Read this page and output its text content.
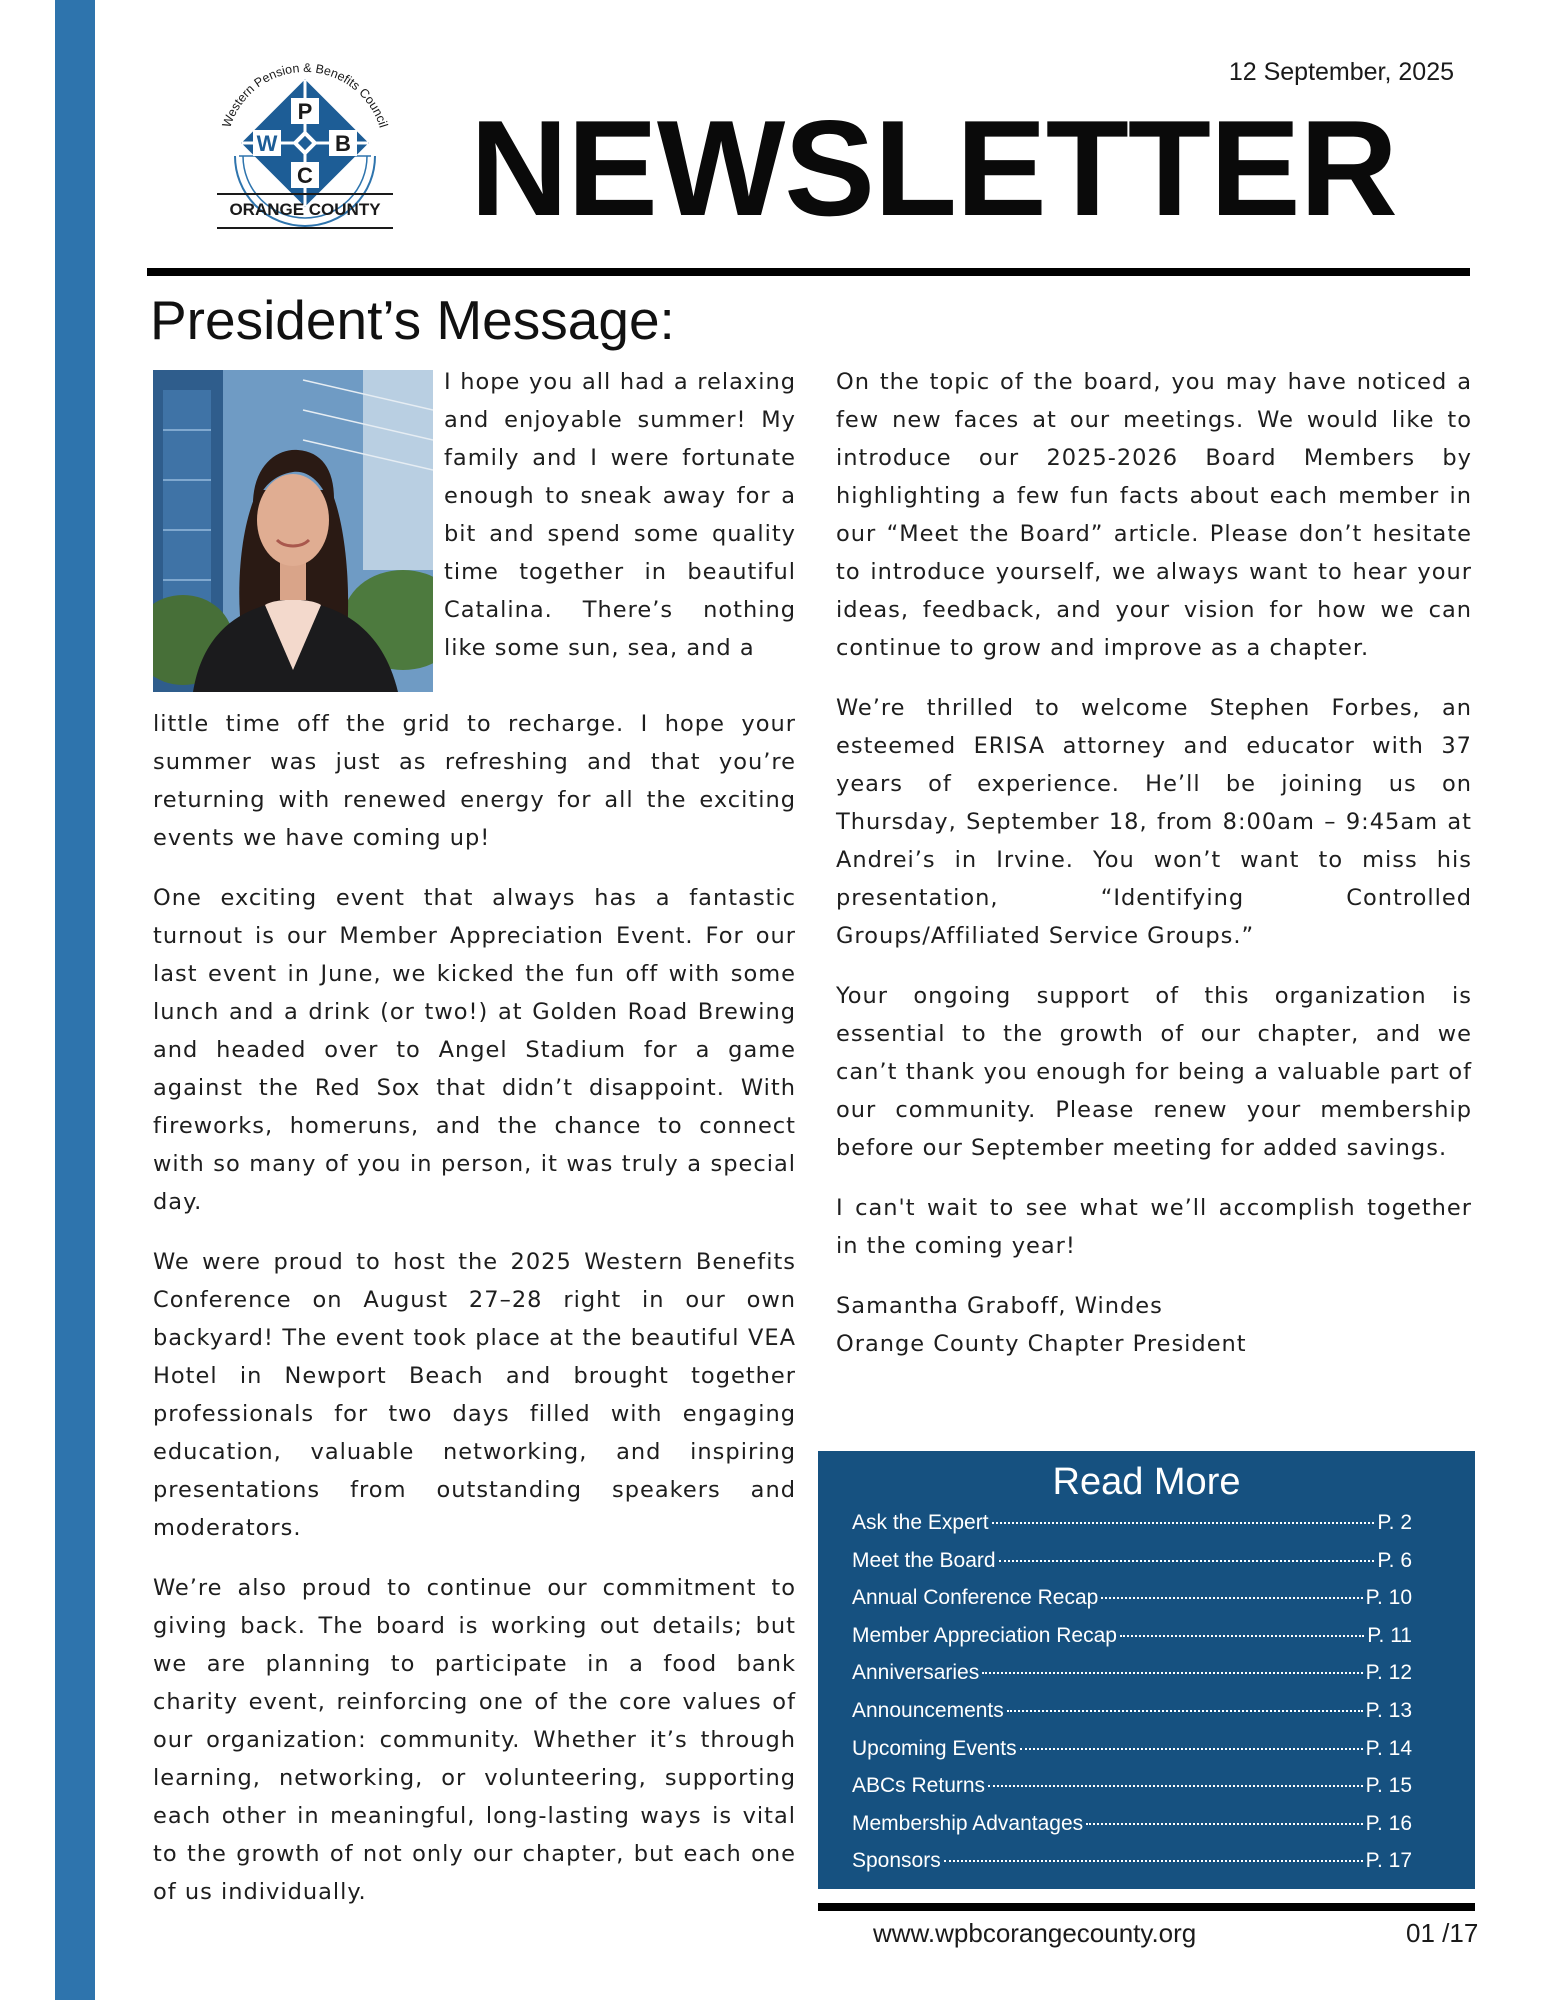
Western Pension & Benefits Council
P
W	B
C
ORANGE COUNTY
12 September, 2025
NEWSLETTER
President’s Message:

I hope you all had a relaxing and enjoyable summer! My family and I were fortunate enough to sneak away for a bit and spend some quality time together in beautiful Catalina. There’s nothing like some sun, sea, and a

little time off the grid to recharge. I hope your summer was just as refreshing and that you’re returning with renewed energy for all the exciting events we have coming up!

One exciting event that always has a fantastic turnout is our Member Appreciation Event. For our last event in June, we kicked the fun off with some lunch and a drink (or two!) at Golden Road Brewing and headed over to Angel Stadium for a game against the Red Sox that didn’t disappoint. With fireworks, homeruns, and the chance to connect with so many of you in person, it was truly a special day.

We were proud to host the 2025 Western Benefits Conference on August 27–28 right in our own backyard! The event took place at the beautiful VEA Hotel in Newport Beach and brought together professionals for two days filled with engaging education, valuable networking, and inspiring presentations from outstanding speakers and moderators.

We’re also proud to continue our commitment to giving back. The board is working out details; but we are planning to participate in a food bank charity event, reinforcing one of the core values of our organization: community. Whether it’s through learning, networking, or volunteering, supporting each other in meaningful, long-lasting ways is vital to the growth of not only our chapter, but each one of us individually.

On the topic of the board, you may have noticed a few new faces at our meetings. We would like to introduce our 2025-2026 Board Members by highlighting a few fun facts about each member in our “Meet the Board” article. Please don’t hesitate to introduce yourself, we always want to hear your ideas, feedback, and your vision for how we can continue to grow and improve as a chapter.

We’re thrilled to welcome Stephen Forbes, an esteemed ERISA attorney and educator with 37 years of experience. He’ll be joining us on Thursday, September 18, from 8:00am – 9:45am at Andrei’s in Irvine. You won’t want to miss his presentation, “Identifying Controlled Groups/Affiliated Service Groups.”

Your ongoing support of this organization is essential to the growth of our chapter, and we can’t thank you enough for being a valuable part of our community. Please renew your membership before our September meeting for added savings.

I can't wait to see what we’ll accomplish together in the coming year!

Samantha Graboff, Windes

Orange County Chapter President

Read More
Ask the Expert	P. 2
Meet the Board	P. 6
Annual Conference Recap	P. 10
Member Appreciation Recap	P. 11
Anniversaries	P. 12
Announcements	P. 13
Upcoming Events	P. 14
ABCs Returns	P. 15
Membership Advantages	P. 16
Sponsors	P. 17
www.wpbcorangecounty.org	01 /17
